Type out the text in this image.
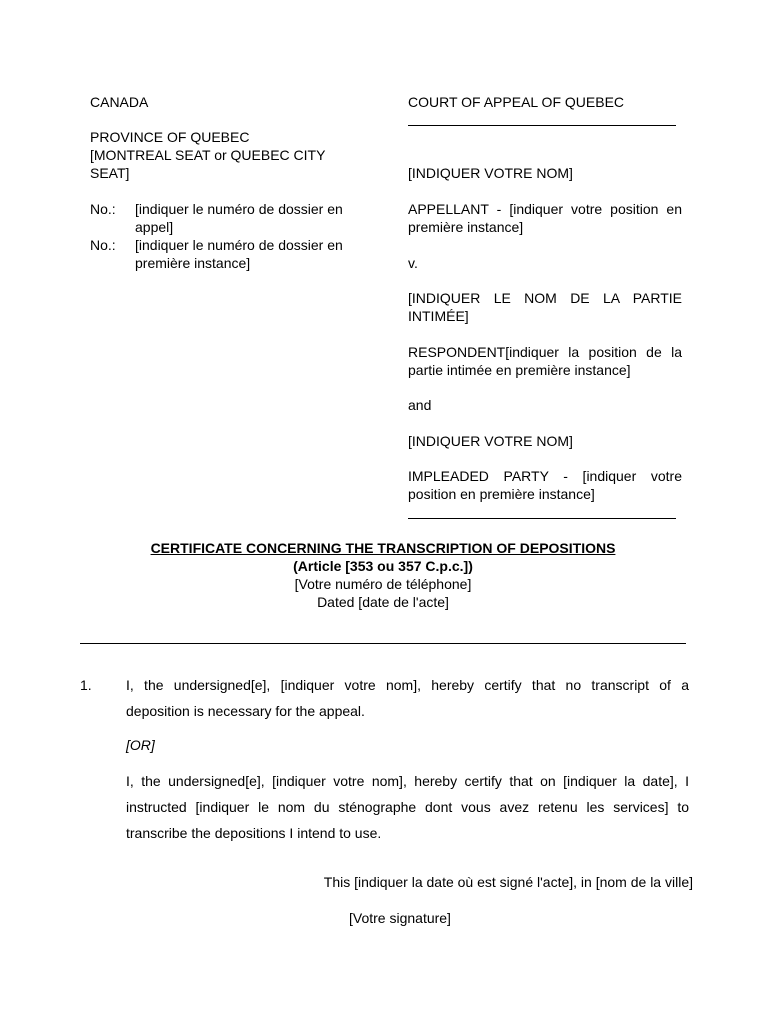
CANADA
PROVINCE OF QUEBEC
[MONTREAL SEAT or QUEBEC CITY
SEAT]
No.: [indiquer le numéro de dossier en
appel]
No.: [indiquer le numéro de dossier en
première instance]
COURT OF APPEAL OF QUEBEC
[INDIQUER VOTRE NOM]
APPELLANT - [indiquer votre position en
première instance]
v.
[INDIQUER LE NOM DE LA PARTIE
INTIMÉE]
RESPONDENT[indiquer la position de la
partie intimée en première instance]
and
[INDIQUER VOTRE NOM]
IMPLEADED PARTY - [indiquer votre
position en première instance]
CERTIFICATE CONCERNING THE TRANSCRIPTION OF DEPOSITIONS
(Article [353 ou 357 C.p.c.])
[Votre numéro de téléphone]
Dated [date de l'acte]
1. I, the undersigned[e], [indiquer votre nom], hereby certify that no transcript of a
deposition is necessary for the appeal.
[OR]
I, the undersigned[e], [indiquer votre nom], hereby certify that on [indiquer la date], I
instructed [indiquer le nom du sténographe dont vous avez retenu les services] to
transcribe the depositions I intend to use.
This [indiquer la date où est signé l'acte], in [nom de la ville]
[Votre signature]
